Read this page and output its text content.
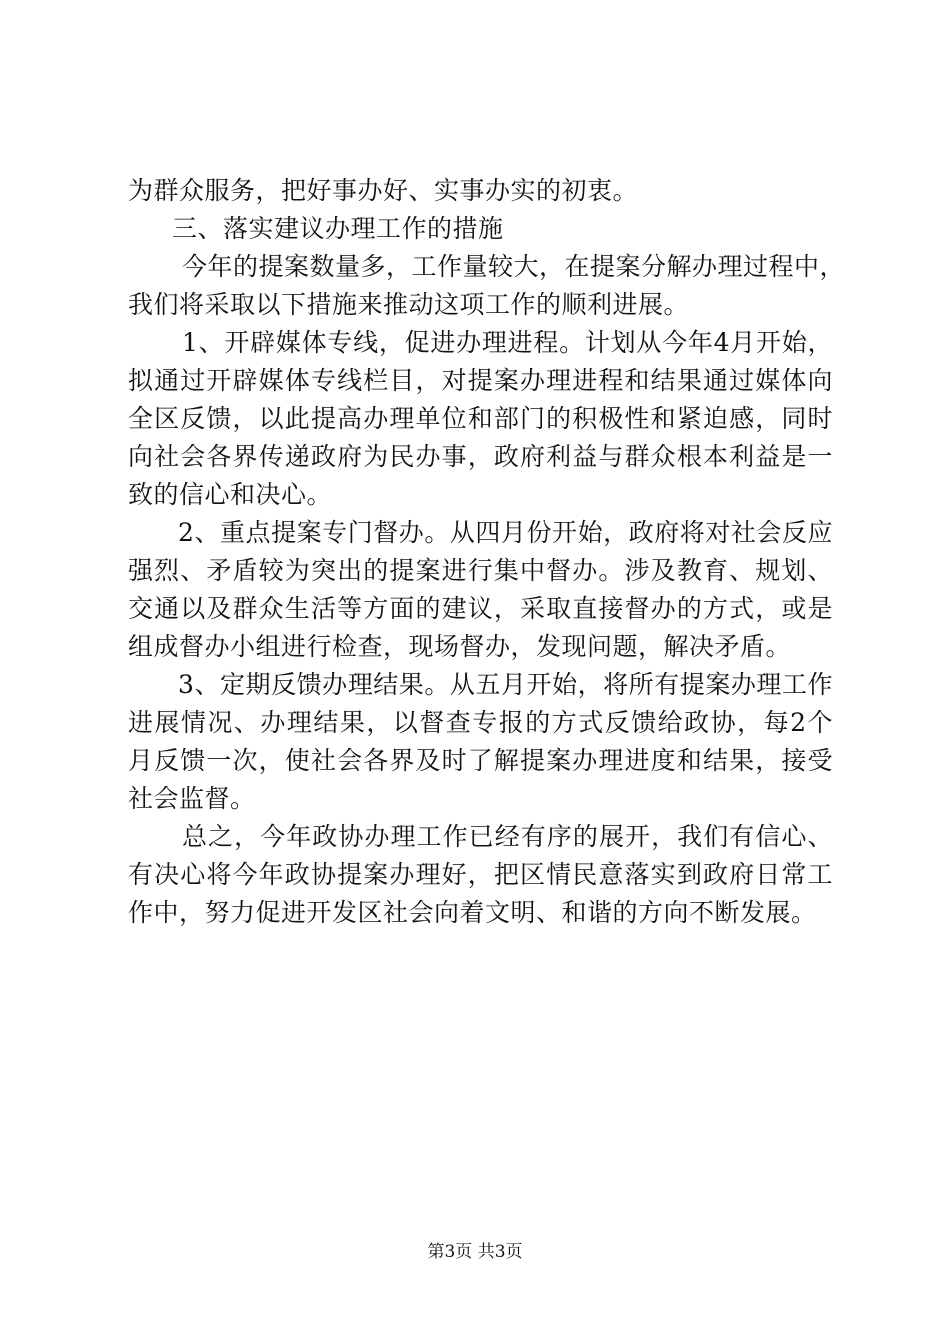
为群众服务，把好事办好、实事办实的初衷。
三、落实建议办理工作的措施
今年的提案数量多，工作量较大，在提案分解办理过程中，
我们将采取以下措施来推动这项工作的顺利进展。
1、开辟媒体专线，促进办理进程。计划从今年4月开始，
拟通过开辟媒体专线栏目，对提案办理进程和结果通过媒体向
全区反馈，以此提高办理单位和部门的积极性和紧迫感，同时
向社会各界传递政府为民办事，政府利益与群众根本利益是一
致的信心和决心。
2、重点提案专门督办。从四月份开始，政府将对社会反应
强烈、矛盾较为突出的提案进行集中督办。涉及教育、规划、
交通以及群众生活等方面的建议，采取直接督办的方式，或是
组成督办小组进行检查，现场督办，发现问题，解决矛盾。
3、定期反馈办理结果。从五月开始，将所有提案办理工作
进展情况、办理结果，以督查专报的方式反馈给政协，每2个
月反馈一次，使社会各界及时了解提案办理进度和结果，接受
社会监督。
总之，今年政协办理工作已经有序的展开，我们有信心、
有决心将今年政协提案办理好，把区情民意落实到政府日常工
作中，努力促进开发区社会向着文明、和谐的方向不断发展。
第3页 共3页
